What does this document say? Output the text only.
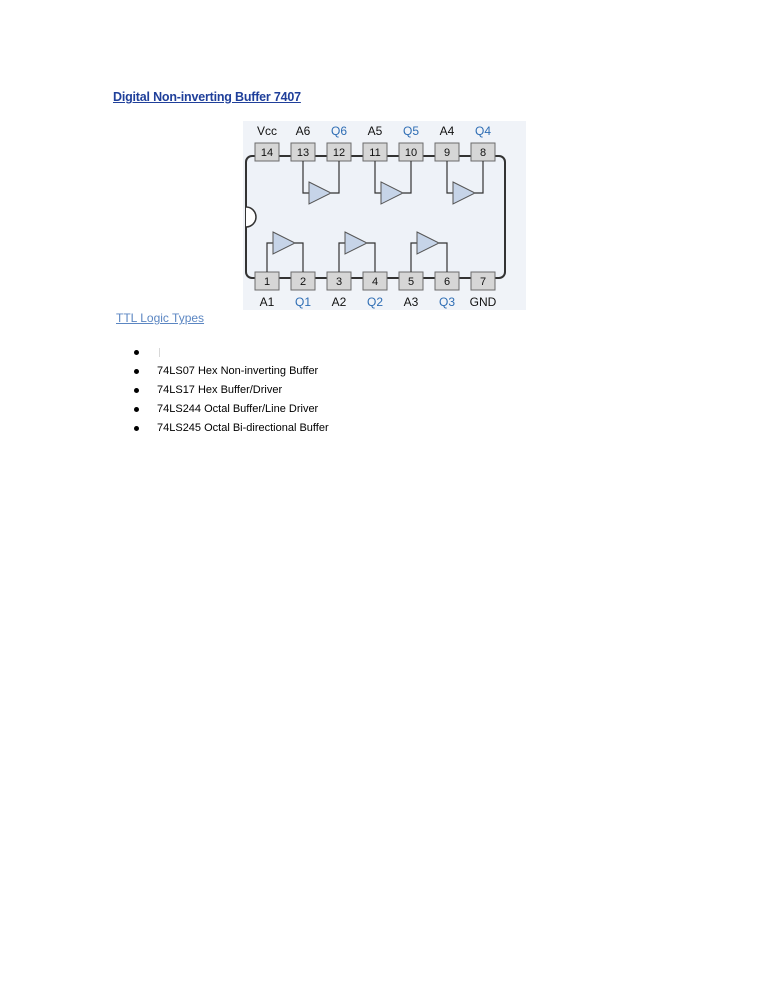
Digital Non-inverting Buffer 7407
14
Vcc
13
A6
12
Q6
11
A5
10
Q5
9
A4
8
Q4
1
A1
2
Q1
3
A2
4
Q2
5
A3
6
Q3
7
GND
TTL Logic Types
74LS07 Hex Non-inverting Buffer
74LS17 Hex Buffer/Driver
74LS244 Octal Buffer/Line Driver
74LS245 Octal Bi-directional Buffer
